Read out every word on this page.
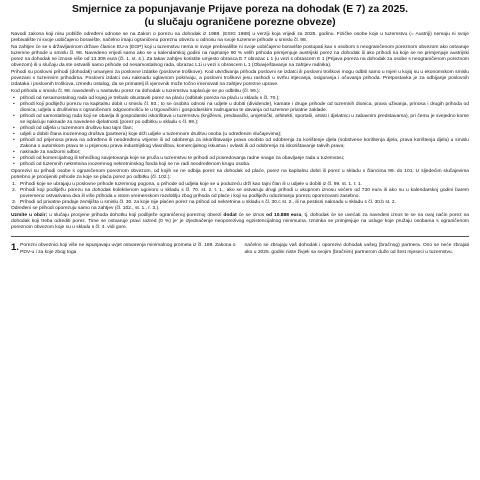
Smjernice za popunjavanje Prijave poreza na dohodak (E 7) za 2025.
(u slučaju ograničene porezne obveze)

Navodi zakona koji nisu pobliže određeni odnose se na Zakon o porezu na dohodak iz 1988. (ESIG 1988) u verziji koja vrijedi za 2025. godinu. Fizičke osobe koje u tuzemstvu (= Austriji) nemaju ni svoje prebivalište ni svoje uobičajeno boravište, načelno imaju ograničenu poreznu obvezu u odnosu na svoje tuzemne prihode u smislu čl. 98.

Na zahtjev će se s državljaninom države članice EU-a (EGP) koji u tuzemstvu nema ni svoje prebivalište ni svoje uobičajeno boravište postupati kao s osobom s neograničenom poreznom obvezom ako ostvaruje tuzemne prihode u smislu čl. 98. Navedeno vrijedi samo ako se u kalendarskoj godini na najmanje 90 % velih prihoda primjenjuje austrijski porez na dohodak ili ako prihodi na koje se ne primjenjuje austrijski porez na dohodak ne iznose više od 13.308 eura (čl. 1. st. 4.). Za takav zahtjev koristite umjesto obrasca E 7 obrazac L 1 (u vezi s obrascem E 1 (Prijava poreza na dohodak za osobe s neograničenom poreznom obvezom) ili u slučaju da ste ostvarili samo prihode od nesamostalnog rada, obrazac L1i u vezi s obrascem L 1 (Obavještavanje na zahtjev radnika).

Prihodi su poslovni prihodi (dohodak) umanjeni za poslovne izdatke (poslovne troškove). Kod utvrđivanja prihoda poslovni se izdatci ili poslovni troškovi mogu odbiti samo u mjeri u kojoj su u ekonomskom smislu povezani s tuzemnim prihodima. Poslovni izdatci ovu naknadu uglavnom pokrivaju, a poslovni troškovi jesu rashodi u svrhu stjecanja, osiguranja i očuvanja prihoda. Pretpostavka je za odbijanje poslovnih izdataka i poslovnih troškova, između ostalog, da se primatelj iš vjerovnik može točno imenovati na zahtjev porezne uprave.

Kod prihoda u smislu čl. 98. navedenih u nastavku porez na dohodak u tuzemstvu naplaćuje se po odbitku (čl. 99.):

• prihodi od nesamostalnog rada od kojeg je trebalo obustaviti porez na plaću (odbitak poreza na plaću u skladu s čl. 70.);
• prihodi koji podliježu porezu na kapitalnu dobit u smislu čl. 93.; to se osobito odnosi na udjele u dobiti (dividende), kamate i druge prihode od tuzemnih dionica, prava uživanja, prinosa i drugih prihoda od dionica, udjela u društvima s ograničenom odgovornošću te u trgovačkim i gospodarskim zadrugama te davanja od tuzemne privatne zaklade.
• prihodi od samostalnog rada koji se obavlja ili gospodarski iskorištava u tuzemstvu (književni, predavački, umjetnički, arhitekti, sportaši, artisti i djelatnici u zabavnim predstavama), pri čemu je svejedno kome se isplaćuju naknade za navedene djelatnosti (porez po odbitku u skladu s čl. 99.);
• prihodi od udjela u tuzemnom društvu kao tajni član;
• udjeli u dobiti člana inozemnog društva (partnera) koje drži udjele u tuzemnom društvu osoba (u određenim slučajevima);
• prihodi od prijenosa prava na određeno ili neodređeno vrijeme ili od odobrenja za iskorištavanje prava osobito od odobrenja za korištenje djela (sobstvene korištenja djela, prava korištenja djela) u smislu Zakona o autorskom pravu te u prijenosu prava industrijskog vlasništva, komercijalnog iskustva i ovlasti ili od odobrenja za iskorištavanje takvih prava;
• naknade za nadzorni odbor;
• prihodi od komercijalnog ili tehničkog savjetovanja koje se pruža u tuzemstvu te prihodi od posredovanja radne snage za obavljanje rada u tuzemstvu;
• prihodi od tuzemnih nekretnina inozemnog nekretninskog fonda koji se ne radi neodređenom krugu osoba.

Oporezivi su prihodi osobe s ograničenom poreznom obvezom, od kojih se ne odbija porez na dohodak od plaće, porez na kapitalnu dobit ili porez u skladu s člancima 99. do 101. U sljedećim slučajevima potrebno je procijeniti prihode za koje se plaća porez po odbitku (čl. 102.):

1. Prihodi koje se ubrajaju u poslovne prihode tuzemnog pogona, u prihode od udjela koje se u poduzeću drži kao tajni član ili u udjele u dobiti iz čl. 99. st. 1. t. 1.
2. Prihodi koji podliježu porezu na dohodak kolektivnom ugovoru u skladu s čl. 70. st. 2. t. 1., ako se ostvaruju drugi prihodi u ukupnom iznosu većem od 730 eura ili ako su u kalendarskoj godini barem povremeno ostvarivana dva ili više prihoda u istom vremenskom razdoblju zbog prihoda od plaće i koji su podliježu oduzimanju porezu oporezovani zasebno.
3. Prihodi od privatne prodaje zemljišta u smislu čl. 30. za koje nije plaćen porez na prihod od nekretnina u skladu s čl. 30.c st. 2., ili na pestisni naknadu u skladu s čl. 30.b st. 2.

Određeni se prihodi oporezuju samo na zahtjev (čl. 102., st. 1., r. 3.).

Uzmite u obzir: u slučaju procjene prihoda dohotku koji podliježe ograničenoj poreznoj obvezi dodat će se iznos od 10.888 eura, tj. dohodak će se uvećati za navedeni iznos te se na ovaj način porez na dohodak koji treba odrediti porez. Time se ostvaruje pravi razred (0 %) je' je izjednačenje neoporezivog egzistencijalnog minimuma. Iznimka se primjenjuje na usluge koje pružaju osobama s ograničenom poreznom obvezom koje su u skladu s čl. 4. vidi gore.

1. Porezni obveznici koji više ne ispunjavaju uvjet ostvarenja minimalnog prometa iz čl. 189. Zakona o PDV-u i za koje zbog toga
načelno se zbrajaju vaš dohodak i oporezivi dohodak vašeg (bračnog) partnera. Ono se neće zbrajati ako u 2025. godini niste živjeli sa svojim (bračnim) partnerom duže od šest mjeseci u tuzemstvu.
